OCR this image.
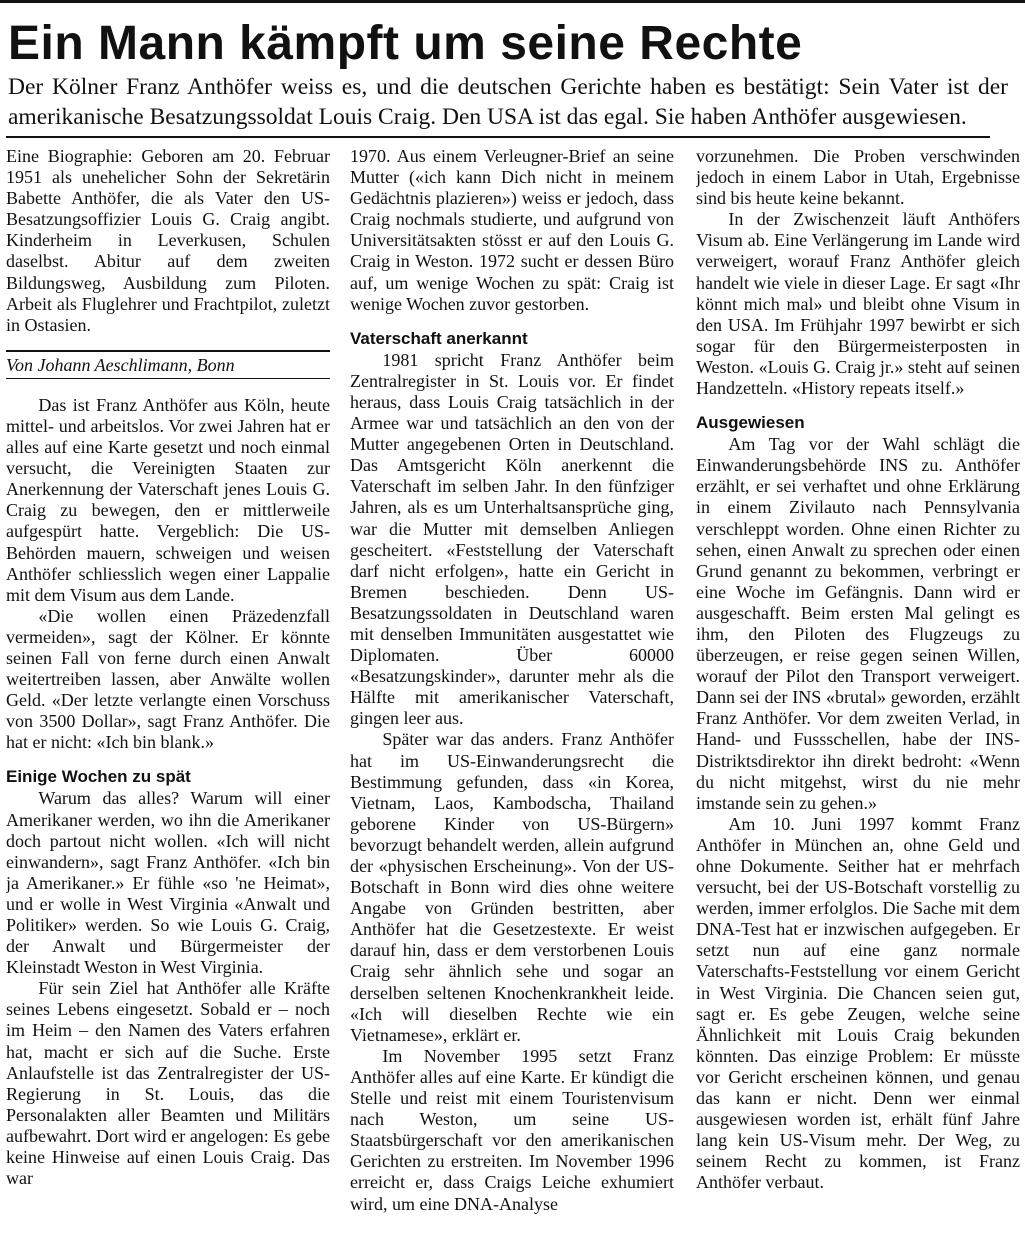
Ein Mann kämpft um seine Rechte

Der Kölner Franz Anthöfer weiss es, und die deutschen Gerichte haben es bestätigt: Sein Vater ist der amerikanische Besatzungssoldat Louis Craig. Den USA ist das egal. Sie haben Anthöfer ausgewiesen.

Eine Biographie: Geboren am 20. Februar 1951 als unehelicher Sohn der Sekretärin Babette Anthöfer, die als Vater den US-Besatzungsoffizier Louis G. Craig angibt. Kinderheim in Leverkusen, Schulen daselbst. Abitur auf dem zweiten Bildungsweg, Ausbildung zum Piloten. Arbeit als Fluglehrer und Frachtpilot, zuletzt in Ostasien.

Von Johann Aeschlimann, Bonn

Das ist Franz Anthöfer aus Köln, heute mittel- und arbeitslos. Vor zwei Jahren hat er alles auf eine Karte gesetzt und noch einmal versucht, die Vereinigten Staaten zur Anerkennung der Vaterschaft jenes Louis G. Craig zu bewegen, den er mittlerweile aufgespürt hatte. Vergeblich: Die US-Behörden mauern, schweigen und weisen Anthöfer schliesslich wegen einer Lappalie mit dem Visum aus dem Lande.

«Die wollen einen Präzedenzfall vermeiden», sagt der Kölner. Er könnte seinen Fall von ferne durch einen Anwalt weitertreiben lassen, aber Anwälte wollen Geld. «Der letzte verlangte einen Vorschuss von 3500 Dollar», sagt Franz Anthöfer. Die hat er nicht: «Ich bin blank.»

Einige Wochen zu spät

Warum das alles? Warum will einer Amerikaner werden, wo ihn die Amerikaner doch partout nicht wollen. «Ich will nicht einwandern», sagt Franz Anthöfer. «Ich bin ja Amerikaner.» Er fühle «so 'ne Heimat», und er wolle in West Virginia «Anwalt und Politiker» werden. So wie Louis G. Craig, der Anwalt und Bürgermeister der Kleinstadt Weston in West Virginia.

Für sein Ziel hat Anthöfer alle Kräfte seines Lebens eingesetzt. Sobald er – noch im Heim – den Namen des Vaters erfahren hat, macht er sich auf die Suche. Erste Anlaufstelle ist das Zentralregister der US-Regierung in St. Louis, das die Personalakten aller Beamten und Militärs aufbewahrt. Dort wird er angelogen: Es gebe keine Hinweise auf einen Louis Craig. Das war

1970. Aus einem Verleugner-Brief an seine Mutter («ich kann Dich nicht in meinem Gedächtnis plazieren») weiss er jedoch, dass Craig nochmals studierte, und aufgrund von Universitätsakten stösst er auf den Louis G. Craig in Weston. 1972 sucht er dessen Büro auf, um wenige Wochen zu spät: Craig ist wenige Wochen zuvor gestorben.

Vaterschaft anerkannt

1981 spricht Franz Anthöfer beim Zentralregister in St. Louis vor. Er findet heraus, dass Louis Craig tatsächlich in der Armee war und tatsächlich an den von der Mutter angegebenen Orten in Deutschland. Das Amtsgericht Köln anerkennt die Vaterschaft im selben Jahr. In den fünfziger Jahren, als es um Unterhaltsansprüche ging, war die Mutter mit demselben Anliegen gescheitert. «Feststellung der Vaterschaft darf nicht erfolgen», hatte ein Gericht in Bremen beschieden. Denn US-Besatzungssoldaten in Deutschland waren mit denselben Immunitäten ausgestattet wie Diplomaten. Über 60000 «Besatzungskinder», darunter mehr als die Hälfte mit amerikanischer Vaterschaft, gingen leer aus.

Später war das anders. Franz Anthöfer hat im US-Einwanderungsrecht die Bestimmung gefunden, dass «in Korea, Vietnam, Laos, Kambodscha, Thailand geborene Kinder von US-Bürgern» bevorzugt behandelt werden, allein aufgrund der «physischen Erscheinung». Von der US-Botschaft in Bonn wird dies ohne weitere Angabe von Gründen bestritten, aber Anthöfer hat die Gesetzestexte. Er weist darauf hin, dass er dem verstorbenen Louis Craig sehr ähnlich sehe und sogar an derselben seltenen Knochenkrankheit leide. «Ich will dieselben Rechte wie ein Vietnamese», erklärt er.

Im November 1995 setzt Franz Anthöfer alles auf eine Karte. Er kündigt die Stelle und reist mit einem Touristenvisum nach Weston, um seine US-Staatsbürgerschaft vor den amerikanischen Gerichten zu erstreiten. Im November 1996 erreicht er, dass Craigs Leiche exhumiert wird, um eine DNA-Analyse

vorzunehmen. Die Proben verschwinden jedoch in einem Labor in Utah, Ergebnisse sind bis heute keine bekannt.

In der Zwischenzeit läuft Anthöfers Visum ab. Eine Verlängerung im Lande wird verweigert, worauf Franz Anthöfer gleich handelt wie viele in dieser Lage. Er sagt «Ihr könnt mich mal» und bleibt ohne Visum in den USA. Im Frühjahr 1997 bewirbt er sich sogar für den Bürgermeisterposten in Weston. «Louis G. Craig jr.» steht auf seinen Handzetteln. «History repeats itself.»

Ausgewiesen

Am Tag vor der Wahl schlägt die Einwanderungsbehörde INS zu. Anthöfer erzählt, er sei verhaftet und ohne Erklärung in einem Zivilauto nach Pennsylvania verschleppt worden. Ohne einen Richter zu sehen, einen Anwalt zu sprechen oder einen Grund genannt zu bekommen, verbringt er eine Woche im Gefängnis. Dann wird er ausgeschafft. Beim ersten Mal gelingt es ihm, den Piloten des Flugzeugs zu überzeugen, er reise gegen seinen Willen, worauf der Pilot den Transport verweigert. Dann sei der INS «brutal» geworden, erzählt Franz Anthöfer. Vor dem zweiten Verlad, in Hand- und Fussschellen, habe der INS-Distriktsdirektor ihn direkt bedroht: «Wenn du nicht mitgehst, wirst du nie mehr imstande sein zu gehen.»

Am 10. Juni 1997 kommt Franz Anthöfer in München an, ohne Geld und ohne Dokumente. Seither hat er mehrfach versucht, bei der US-Botschaft vorstellig zu werden, immer erfolglos. Die Sache mit dem DNA-Test hat er inzwischen aufgegeben. Er setzt nun auf eine ganz normale Vaterschafts-Feststellung vor einem Gericht in West Virginia. Die Chancen seien gut, sagt er. Es gebe Zeugen, welche seine Ähnlichkeit mit Louis Craig bekunden könnten. Das einzige Problem: Er müsste vor Gericht erscheinen können, und genau das kann er nicht. Denn wer einmal ausgewiesen worden ist, erhält fünf Jahre lang kein US-Visum mehr. Der Weg, zu seinem Recht zu kommen, ist Franz Anthöfer verbaut.
